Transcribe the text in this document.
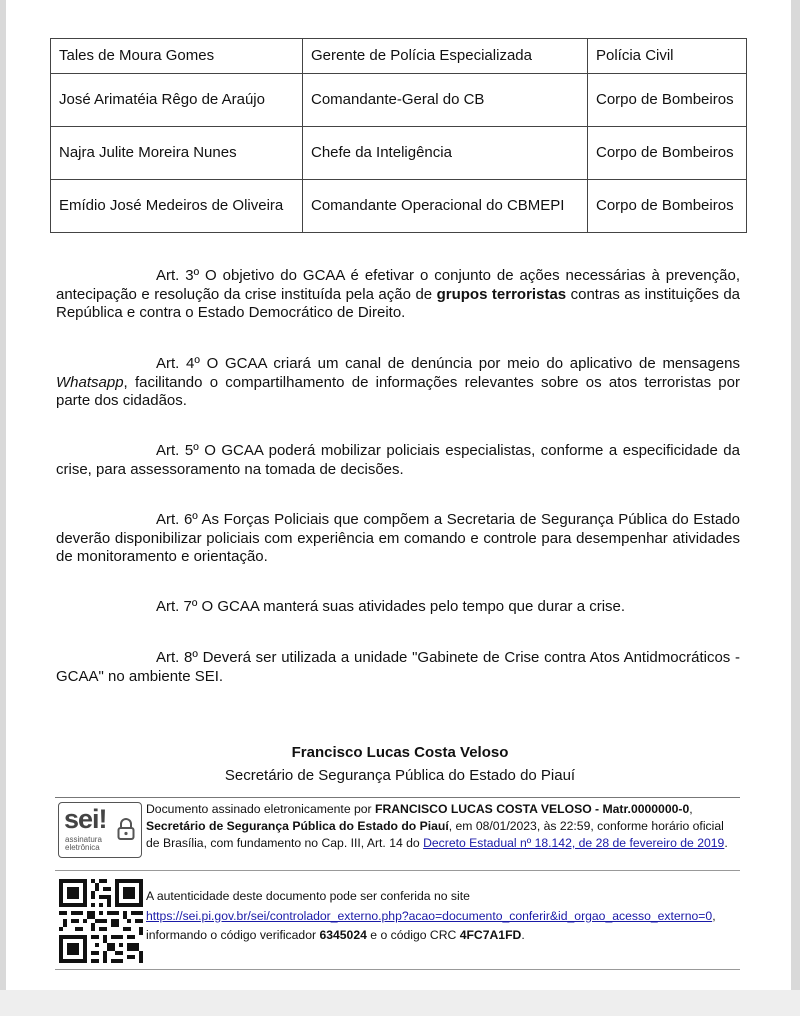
Tales de Moura Gomes	Gerente de Polícia Especializada	Polícia Civil
José Arimatéia Rêgo de Araújo	Comandante-Geral do CB	Corpo de Bombeiros
Najra Julite Moreira Nunes	Chefe da Inteligência	Corpo de Bombeiros
Emídio José Medeiros de Oliveira	Comandante Operacional do CBMEPI	Corpo de Bombeiros
Art. 3º O objetivo do GCAA é efetivar o conjunto de ações necessárias à prevenção, antecipação e resolução da crise instituída pela ação de grupos terroristas contras as instituições da República e contra o Estado Democrático de Direito.
Art. 4º O GCAA criará um canal de denúncia por meio do aplicativo de mensagens Whatsapp, facilitando o compartilhamento de informações relevantes sobre os atos terroristas por parte dos cidadãos.
Art. 5º O GCAA poderá mobilizar policiais especialistas, conforme a especificidade da crise, para assessoramento na tomada de decisões.
Art. 6º As Forças Policiais que compõem a Secretaria de Segurança Pública do Estado deverão disponibilizar policiais com experiência em comando e controle para desempenhar atividades de monitoramento e orientação.
Art. 7º O GCAA manterá suas atividades pelo tempo que durar a crise.
Art. 8º Deverá ser utilizada a unidade "Gabinete de Crise contra Atos Antidmocráticos - GCAA" no ambiente SEI.
Francisco Lucas Costa Veloso
Secretário de Segurança Pública do Estado do Piauí
sei!
assinatura
eletrônica
Documento assinado eletronicamente por FRANCISCO LUCAS COSTA VELOSO - Matr.0000000-0, Secretário de Segurança Pública do Estado do Piauí, em 08/01/2023, às 22:59, conforme horário oficial de Brasília, com fundamento no Cap. III, Art. 14 do Decreto Estadual nº 18.142, de 28 de fevereiro de 2019.
A autenticidade deste documento pode ser conferida no site
https://sei.pi.gov.br/sei/controlador_externo.php?acao=documento_conferir&id_orgao_acesso_externo=0, informando o código verificador 6345024 e o código CRC 4FC7A1FD.
